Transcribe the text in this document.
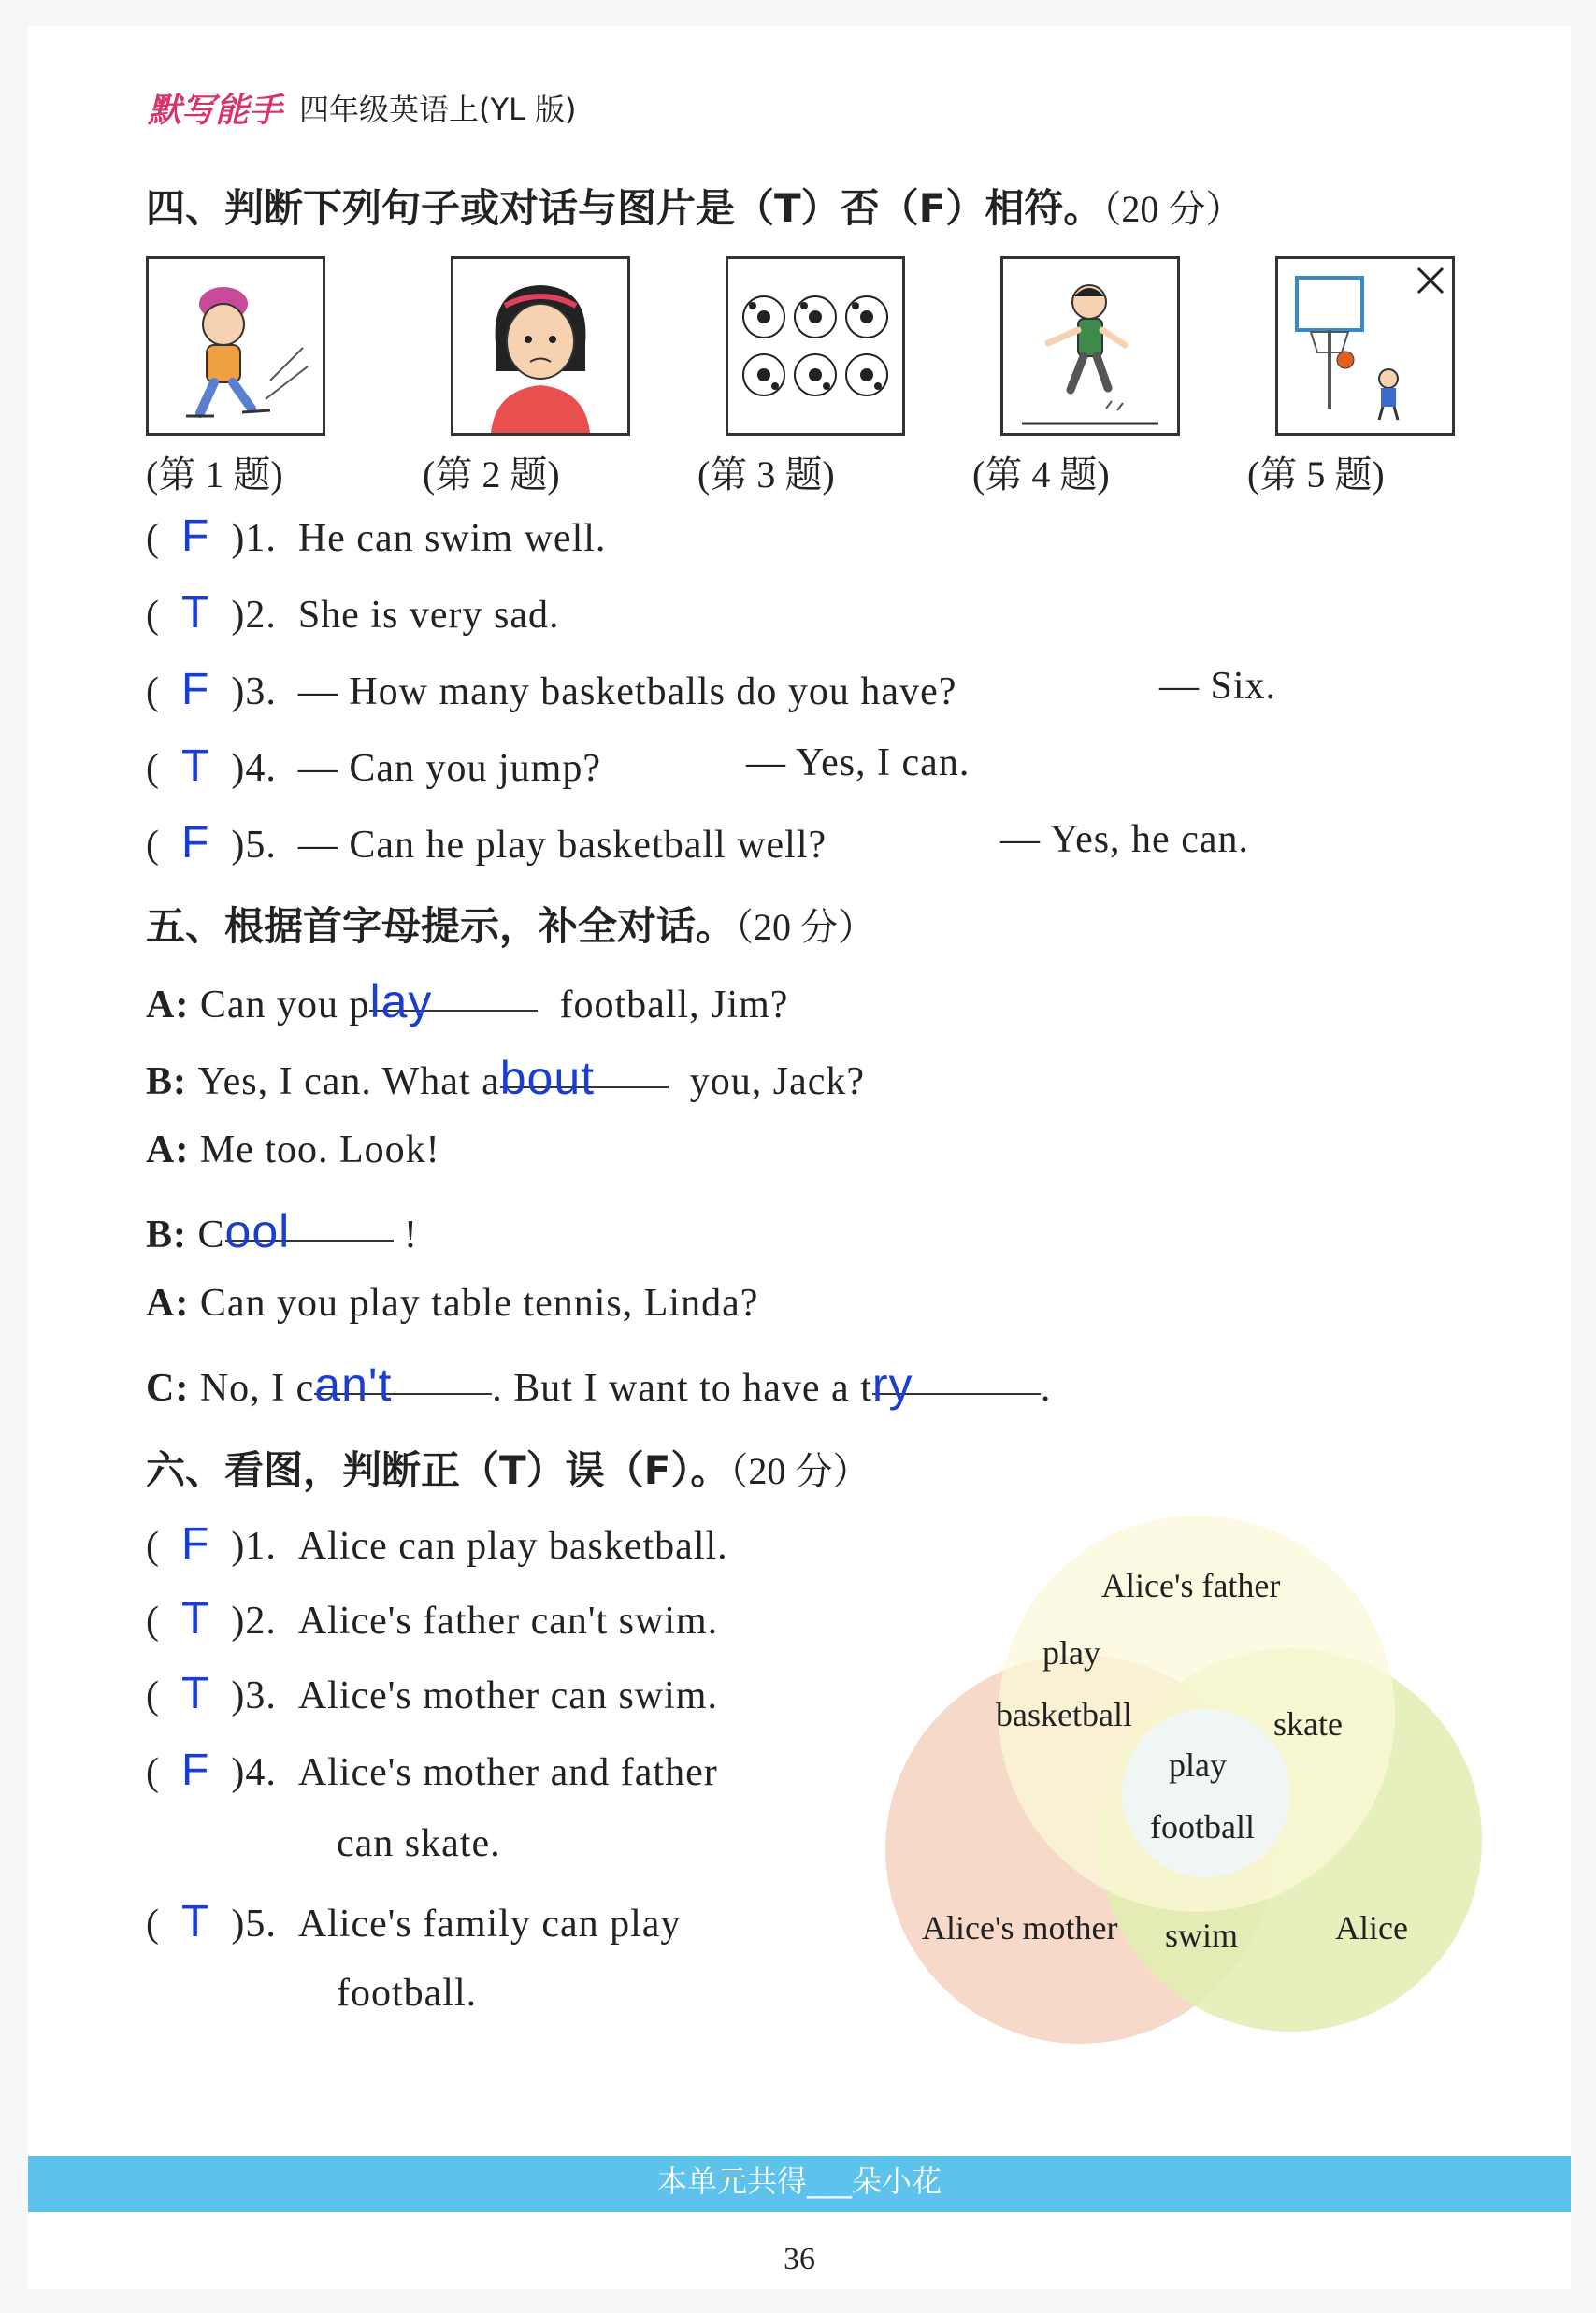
默写能手 四年级英语上(YL 版)
四、判断下列句子或对话与图片是（T）否（F）相符。（20 分）
(第 1 题)	(第 2 题)	(第 3 题)	(第 4 题)	(第 5 题)
(  F )1. He can swim well.
(  T )2. She is very sad.
(  F )3. — How many basketballs do you have?	— Six.
(  T )4. — Can you jump?	— Yes, I can.
(  F )5. — Can he play basketball well?	— Yes, he can.
五、根据首字母提示，补全对话。（20 分）
A: Can you play	football, Jim?
B: Yes, I can. What about you, Jack?
A: Me too. Look!
B: Cool	!
A: Can you play table tennis, Linda?
C: No, I can't	. But I want to have a try	.
六、看图，判断正（T）误（F）。（20 分）
(  F )1. Alice can play basketball.
(  T )2. Alice's father can't swim.
(  T )3. Alice's mother can swim.
(  F )4. Alice's mother and father
can skate.
(  T )5. Alice's family can play
football.
Alice's father
play
basketball	skate
play
football
Alice's mother swim	Alice
本单元共得___朵小花
36
